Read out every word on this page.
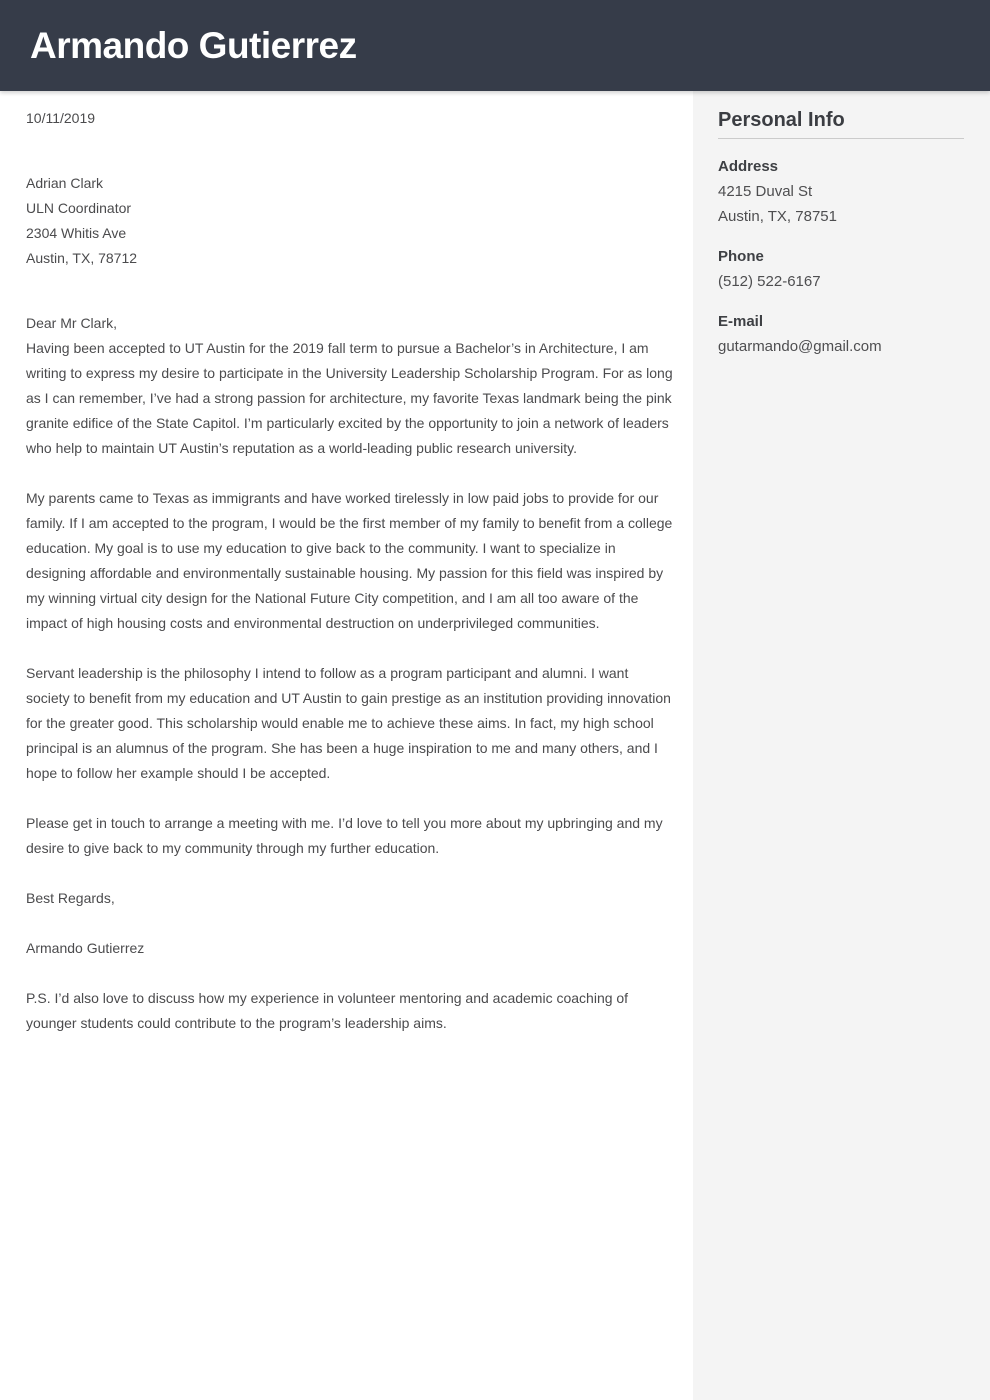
Armando Gutierrez
10/11/2019
Adrian Clark
ULN Coordinator
2304 Whitis Ave
Austin, TX, 78712
Dear Mr Clark,

Having been accepted to UT Austin for the 2019 fall term to pursue a Bachelor’s in Architecture, I am writing to express my desire to participate in the University Leadership Scholarship Program. For as long as I can remember, I’ve had a strong passion for architecture, my favorite Texas landmark being the pink granite edifice of the State Capitol. I’m particularly excited by the opportunity to join a network of leaders who help to maintain UT Austin’s reputation as a world-leading public research university.

My parents came to Texas as immigrants and have worked tirelessly in low paid jobs to provide for our family. If I am accepted to the program, I would be the first member of my family to benefit from a college education. My goal is to use my education to give back to the community. I want to specialize in designing affordable and environmentally sustainable housing. My passion for this field was inspired by my winning virtual city design for the National Future City competition, and I am all too aware of the impact of high housing costs and environmental destruction on underprivileged communities.

Servant leadership is the philosophy I intend to follow as a program participant and alumni. I want society to benefit from my education and UT Austin to gain prestige as an institution providing innovation for the greater good. This scholarship would enable me to achieve these aims. In fact, my high school principal is an alumnus of the program. She has been a huge inspiration to me and many others, and I hope to follow her example should I be accepted.

Please get in touch to arrange a meeting with me. I’d love to tell you more about my upbringing and my desire to give back to my community through my further education.

Best Regards,

Armando Gutierrez

P.S. I’d also love to discuss how my experience in volunteer mentoring and academic coaching of younger students could contribute to the program’s leadership aims.

Personal Info
Address
4215 Duval St
Austin, TX, 78751
Phone
(512) 522-6167
E-mail
gutarmando@gmail.com
